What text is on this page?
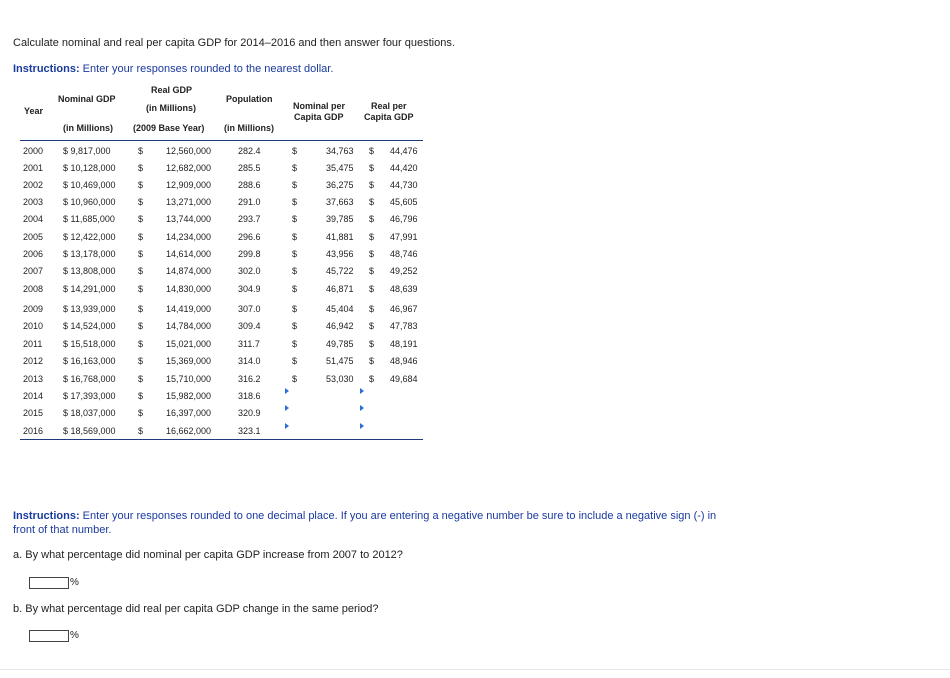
Calculate nominal and real per capita GDP for 2014–2016 and then answer four questions.
Instructions: Enter your responses rounded to the nearest dollar.
Year
Nominal GDP
(in Millions)
Real GDP
(in Millions)
(2009 Base Year)
Population
(in Millions)
Nominal per
Capita GDP
Real per
Capita GDP
2000 $ 9,817,000	$	12,560,000	282.4	$	34,763 $ 44,476
2001 $ 10,128,000 $	12,682,000	285.5	$	35,475 $ 44,420
2002 $ 10,469,000 $	12,909,000	288.6	$	36,275 $ 44,730
2003 $ 10,960,000 $	13,271,000	291.0	$	37,663 $ 45,605
2004 $ 11,685,000	$	13,744,000	293.7	$	39,785 $ 46,796
2005 $ 12,422,000 $	14,234,000	296.6	$	41,881 $ 47,991
2006 $ 13,178,000 $	14,614,000	299.8	$	43,956 $ 48,746
2007 $ 13,808,000 $	14,874,000	302.0	$	45,722 $ 49,252
2008 $ 14,291,000 $	14,830,000	304.9	$	46,871 $ 48,639
2009 $ 13,939,000 $	14,419,000	307.0	$	45,404 $ 46,967
2010 $ 14,524,000 $	14,784,000	309.4	$	46,942 $ 47,783
2011 $ 15,518,000 $	15,021,000	311.7	$	49,785 $ 48,191
2012 $ 16,163,000 $	15,369,000	314.0	$	51,475 $ 48,946
2013 $ 16,768,000 $	15,710,000	316.2	$	53,030 $ 49,684
2014 $ 17,393,000 $	15,982,000	318.6
2015 $ 18,037,000 $	16,397,000	320.9
2016 $ 18,569,000 $	16,662,000	323.1
Instructions: Enter your responses rounded to one decimal place. If you are entering a negative number be sure to include a negative sign (-) in front of that number.
a. By what percentage did nominal per capita GDP increase from 2007 to 2012?
%
b. By what percentage did real per capita GDP change in the same period?
%
